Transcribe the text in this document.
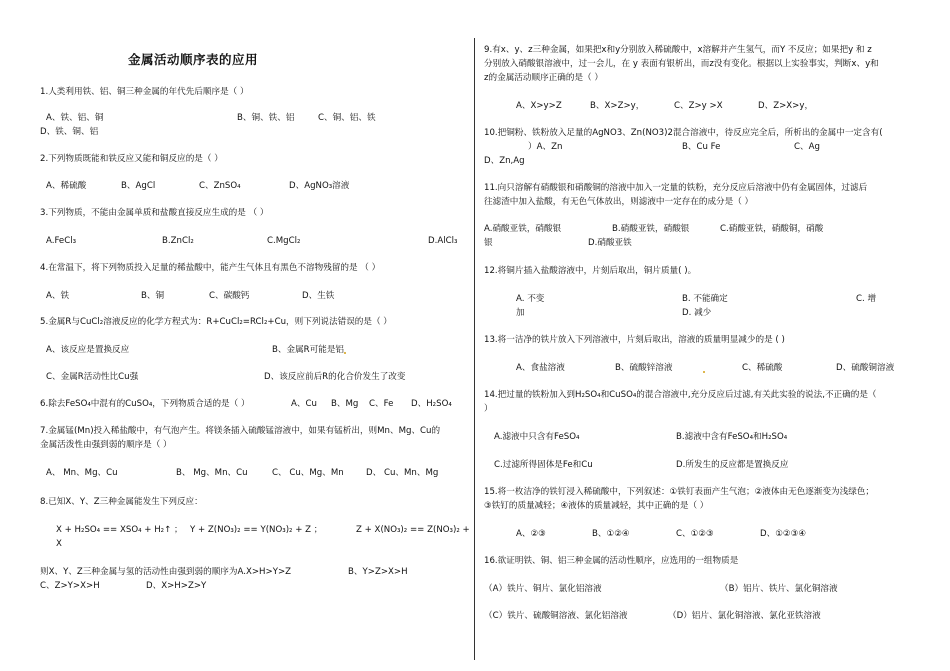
金属活动顺序表的应用
1.人类利用铁、铝、铜三种金属的年代先后顺序是（ ）
A、铁、铝、铜	B、铜、铁、铝	C、铜、铝、铁
D、铁、铜、铝
2.下列物质既能和铁反应又能和铜反应的是（ ）
A、稀硫酸	B、AgCl	C、ZnSO₄	D、AgNO₃溶液
3.下列物质，不能由金属单质和盐酸直接反应生成的是 （ ）
A.FeCl₃	B.ZnCl₂	C.MgCl₂	D.AlCl₃
4.在常温下，将下列物质投入足量的稀盐酸中，能产生气体且有黑色不溶物残留的是 （ ）
A、铁	B、铜	C、碳酸钙	D、生铁
5.金属R与CuCl₂溶液反应的化学方程式为：R+CuCl₂=RCl₂+Cu，则下列说法错误的是（ ）
A、该反应是置换反应	B、金属R可能是铝
C、金属R活动性比Cu强	D、该反应前后R的化合价发生了改变
6.除去FeSO₄中混有的CuSO₄，下列物质合适的是（ ）	A、Cu B、Mg C、Fe D、H₂SO₄
7.金属锰(Mn)投入稀盐酸中，有气泡产生。将镁条插入硫酸锰溶液中，如果有锰析出，则Mn、Mg、Cu的
金属活泼性由强到弱的顺序是（ ）
A、 Mn、Mg、Cu	B、 Mg、Mn、Cu	C、 Cu、Mg、Mn	D、 Cu、Mn、Mg
8.已知X、Y、Z三种金属能发生下列反应：
X + H₂SO₄ == XSO₄ + H₂↑ ； Y + Z(NO₃)₂ == Y(NO₃)₂ + Z ；	Z + X(NO₃)₂ == Z(NO₃)₂ +
X
则X、Y、Z三种金属与氢的活动性由强到弱的顺序为A.X>H>Y>Z	B、Y>Z>X>H
C、Z>Y>X>H	D、X>H>Z>Y
9.有x、y、z三种金属，如果把x和y分别放入稀硫酸中，x溶解并产生氢气，而Y 不反应；如果把y 和 z
分别放入硝酸银溶液中，过一会儿，在 y 表面有银析出，而z没有变化。根据以上实验事实，判断x、y和
z的金属活动顺序正确的是（ ）
A、X>y>Z	B、X>Z>y，	C、Z>y >X	D、Z>X>y，
10.把铜粉、铁粉放入足量的AgNO3、Zn(NO3)2混合溶液中，待反应完全后，所析出的金属中一定含有(
）A、Zn	B、Cu Fe	C、Ag
D、Zn,Ag
11.向只溶解有硝酸银和硝酸铜的溶液中加入一定量的铁粉，充分反应后溶液中仍有金属固体，过滤后
往滤渣中加入盐酸，有无色气体放出，则滤液中一定存在的成分是（ ）
A.硝酸亚铁，硝酸银	B.硝酸亚铁，硝酸银	C.硝酸亚铁，硝酸铜，硝酸
银	D.硝酸亚铁
12.将铜片插入盐酸溶液中，片刻后取出，铜片质量( )。
A. 不变	B. 不能确定	C. 增
加	D. 减少
13.将一洁净的铁片放入下列溶液中，片刻后取出，溶液的质量明显减少的是 ( )
A、食盐溶液	B、硫酸锌溶液	C、稀硫酸	D、硫酸铜溶液
14.把过量的铁粉加入到H₂SO₄和CuSO₄的混合溶液中,充分反应后过滤,有关此实验的说法,不正确的是（
）
A.滤液中只含有FeSO₄	B.滤液中含有FeSO₄和H₂SO₄
C.过滤所得固体是Fe和Cu	D.所发生的反应都是置换反应
15.将一枚洁净的铁钉浸入稀硫酸中，下列叙述：①铁钉表面产生气泡；②液体由无色逐渐变为浅绿色；
③铁钉的质量减轻；④液体的质量减轻，其中正确的是（ ）
A、②③	B、①②④	C、①②③	D、①②③④
16.欲证明铁、铜、铝三种金属的活动性顺序，应选用的一组物质是
（A）铁片、铜片、氯化铝溶液	（B）铝片、铁片、氯化铜溶液
（C）铁片、硫酸铜溶液、氯化铝溶液	（D）铝片、氯化铜溶液、氯化亚铁溶液
